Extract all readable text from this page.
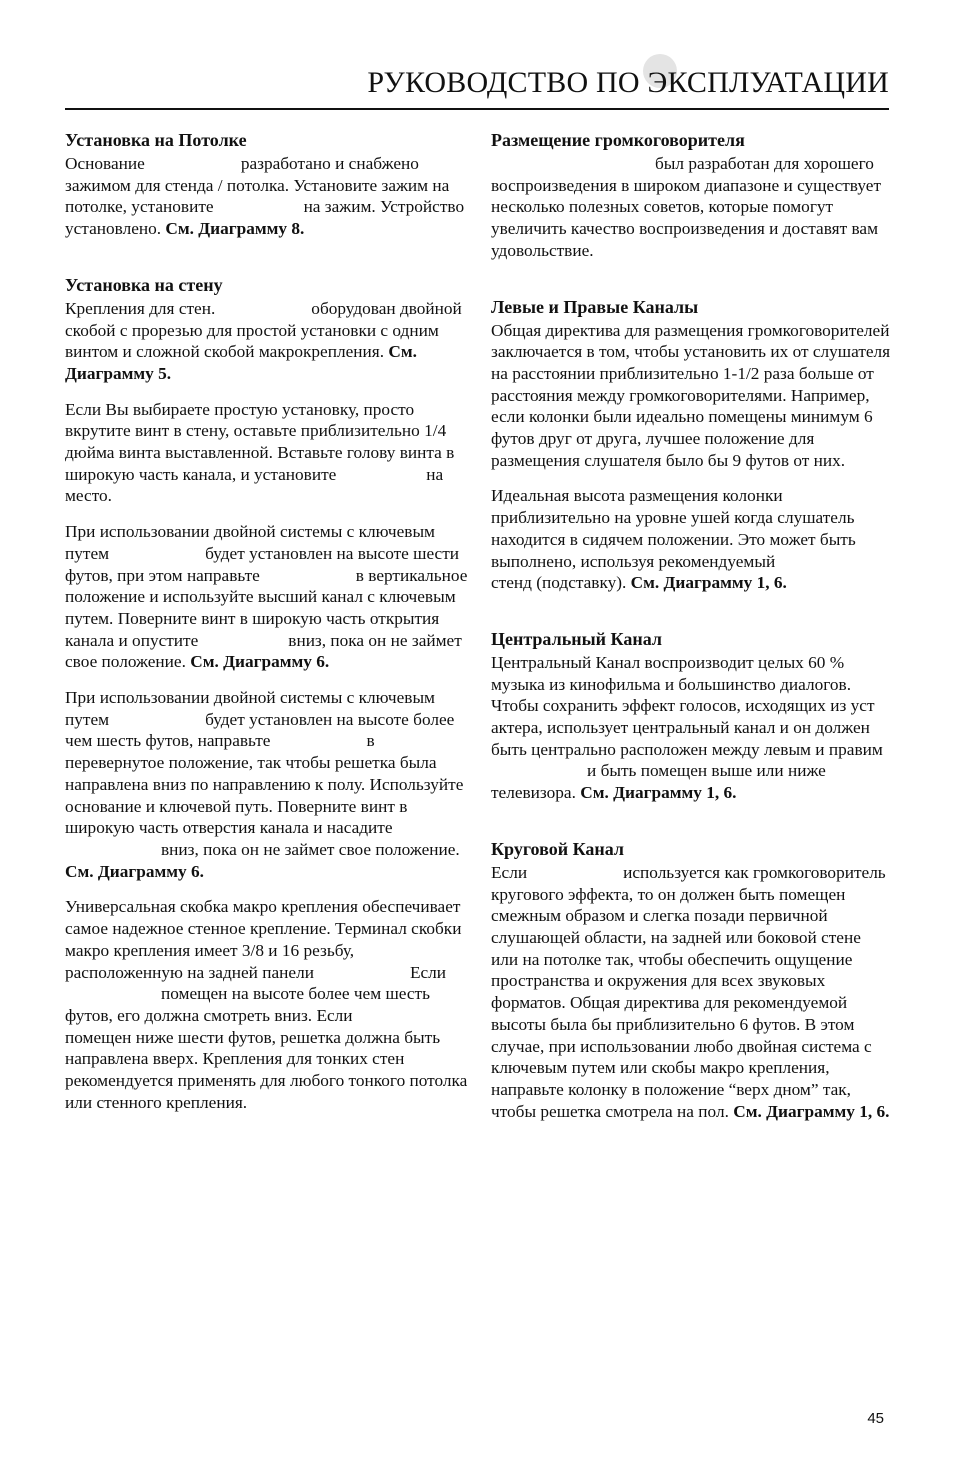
РУКОВОДСТВО ПО ЭКСПЛУАТАЦИИ
Установка на Потолке

Основание	разработано и снабжено зажимом для стенда / потолка. Установите зажим на потолке, установите	на зажим. Устройство установлено. См. Диаграмму 8.

Установка на стену

Крепления для стен.	оборудован двойной скобой с прорезью для простой установки с одним винтом и сложной скобой макрокрепления. См. Диаграмму 5.

Если Вы выбираете простую установку, просто вкрутите винт в стену, оставьте приблизительно 1/4 дюйма винта выставленной. Вставьте голову винта в широкую часть канала, и установите	на место.

При использовании двойной системы с ключевым путем	будет установлен на высоте шести футов, при этом направьте	в вертикальное положение и используйте высший канал с ключевым путем. Поверните винт в широкую часть открытия канала и опустите	вниз, пока он не займет свое положение. См. Диаграмму 6.

При использовании двойной системы с ключевым путем	будет установлен на высоте более чем шесть футов, направьте	в перевернутое положение, так чтобы решетка была направлена вниз по направлению к полу. Используйте основание и ключевой путь. Поверните винт в широкую часть отверстия канала и насадитевниз, пока он не займет свое положение. См. Диаграмму 6.

Универсальная скобка макро крепления обеспечивает самое надежное стенное крепление. Терминал скобки макро крепления имеет 3/8 и 16 резьбу, расположенную на задней панели	Еслипомещен на высоте более чем шесть футов, его должна смотреть вниз. Еслипомещен ниже шести футов, решетка должна быть направлена вверх. Крепления для тонких стен рекомендуется применять для любого тонкого потолка или стенного крепления.

Размещение громкоговорителя

был разработан для хорошего воспроизведения в широком диапазоне и существует несколько полезных советов, которые помогут увеличить качество воспроизведения и доставят вам удовольствие.

Левые и Правые Каналы

Общая директива для размещения громкоговорителей заключается в том, чтобы установить их от слушателя на расстоянии приблизительно 1-1/2 раза больше от расстояния между громкоговорителями. Например, если колонки были идеально помещены минимум 6 футов друг от друга, лучшее положение для размещения слушателя было бы 9 футов от них.

Идеальная высота размещения колонки приблизительно на уровне ушей когда слушатель находится в сидячем положении. Это может быть выполнено, используя рекомендуемыйстенд (подставку). См. Диаграмму 1, 6.

Центральный Канал

Центральный Канал воспроизводит целых 60 % музыка из кинофильма и большинство диалогов. Чтобы сохранить эффект голосов, исходящих из уст актера, использует центральный канал и он должен быть центрально расположен между левым и правими быть помещен выше или ниже телевизора. См. Диаграмму 1, 6.

Круговой Канал

Если	используется как громкоговоритель кругового эффекта, то он должен быть помещен смежным образом и слегка позади первичной слушающей области, на задней или боковой стене или на потолке так, чтобы обеспечить ощущение пространства и окружения для всех звуковых форматов. Общая директива для рекомендуемой высоты была бы приблизительно 6 футов. В этом случае, при использовании любо двойная система с ключевым путем или скобы макро крепления, направьте колонку в положение “верх дном” так, чтобы решетка смотрела на пол. См. Диаграмму 1, 6.

45
